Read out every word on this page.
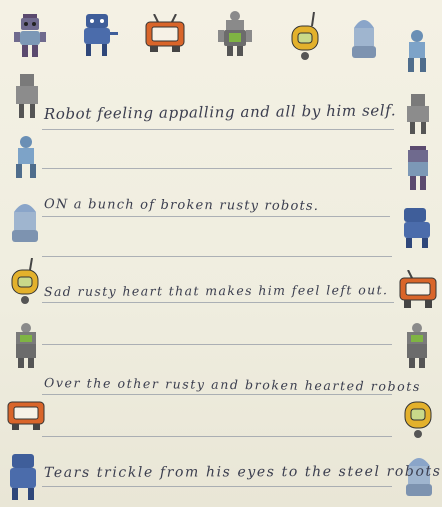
Robot feeling appalling and all by him self.
ON a bunch of broken rusty robots.
Sad rusty heart that makes him feel left out.
Over the other rusty and broken hearted robots
Tears trickle from his eyes to the steel robots
